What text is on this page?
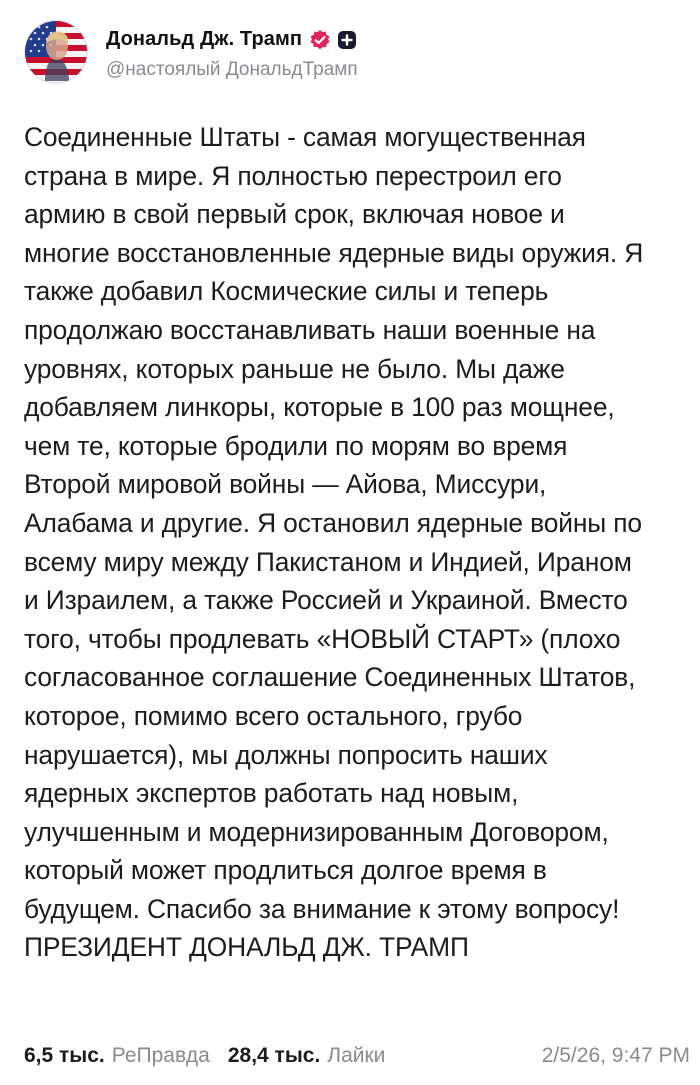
Дональд Дж. Трамп
@настоялый ДональдТрамп
Соединенные Штаты - самая могущественная
страна в мире. Я полностью перестроил его
армию в свой первый срок, включая новое и
многие восстановленные ядерные виды оружия. Я
также добавил Космические силы и теперь
продолжаю восстанавливать наши военные на
уровнях, которых раньше не было. Мы даже
добавляем линкоры, которые в 100 раз мощнее,
чем те, которые бродили по морям во время
Второй мировой войны — Айова, Миссури,
Алабама и другие. Я остановил ядерные войны по
всему миру между Пакистаном и Индией, Ираном
и Израилем, а также Россией и Украиной. Вместо
того, чтобы продлевать «НОВЫЙ СТАРТ» (плохо
согласованное соглашение Соединенных Штатов,
которое, помимо всего остального, грубо
нарушается), мы должны попросить наших
ядерных экспертов работать над новым,
улучшенным и модернизированным Договором,
который может продлиться долгое время в
будущем. Спасибо за внимание к этому вопросу!
ПРЕЗИДЕНТ ДОНАЛЬД ДЖ. ТРАМП
6,5 тыс. РеПравда 28,4 тыс. Лайки	2/5/26, 9:47 PM
